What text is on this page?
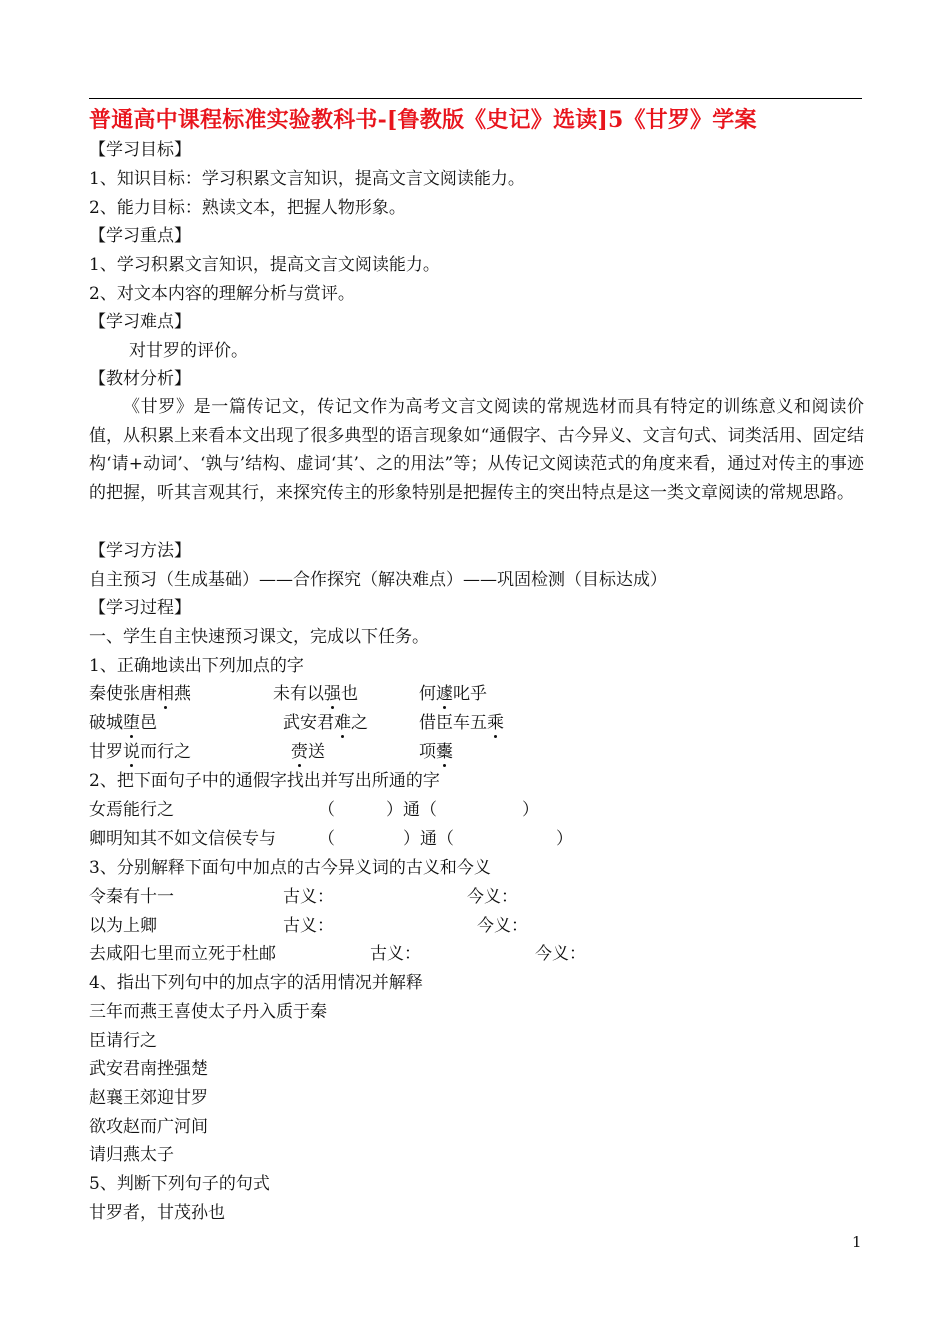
普通高中课程标准实验教科书-[鲁教版《史记》选读]5《甘罗》学案
【学习目标】
1、知识目标：学习积累文言知识，提高文言文阅读能力。
2、能力目标：熟读文本，把握人物形象。
【学习重点】
1、学习积累文言知识，提高文言文阅读能力。
2、对文本内容的理解分析与赏评。
【学习难点】
对甘罗的评价。
【教材分析】
《甘罗》是一篇传记文，传记文作为高考文言文阅读的常规选材而具有特定的训练意义和阅读价值，从积累上来看本文出现了很多典型的语言现象如“通假字、古今异义、文言句式、词类活用、固定结构‘请+动词’、‘孰与’结构、虚词‘其’、之的用法”等；从传记文阅读范式的角度来看，通过对传主的事迹的把握，听其言观其行，来探究传主的形象特别是把握传主的突出特点是这一类文章阅读的常规思路。
【学习方法】
自主预习（生成基础）——合作探究（解决难点）——巩固检测（目标达成）
【学习过程】
一、学生自主快速预习课文，完成以下任务。
1、正确地读出下列加点的字
秦使张唐相燕	未有以强也	何遽叱乎
破城堕邑	武安君难之	借臣车五乘
甘罗说而行之	赍送	项櫜
2、把下面句子中的通假字找出并写出所通的字
女焉能行之	（　　　）通（　　　　　）
卿明知其不如文信侯专与 （　　　　）通（　　　　　　）
3、分别解释下面句中加点的古今异义词的古义和今义
令秦有十一	古义：	今义：
以为上卿	古义：	今义：
去咸阳七里而立死于杜邮	古义：	今义：
4、指出下列句中的加点字的活用情况并解释
三年而燕王喜使太子丹入质于秦
臣请行之
武安君南挫强楚
赵襄王郊迎甘罗
欲攻赵而广河间
请归燕太子
5、判断下列句子的句式
甘罗者，甘茂孙也
1
